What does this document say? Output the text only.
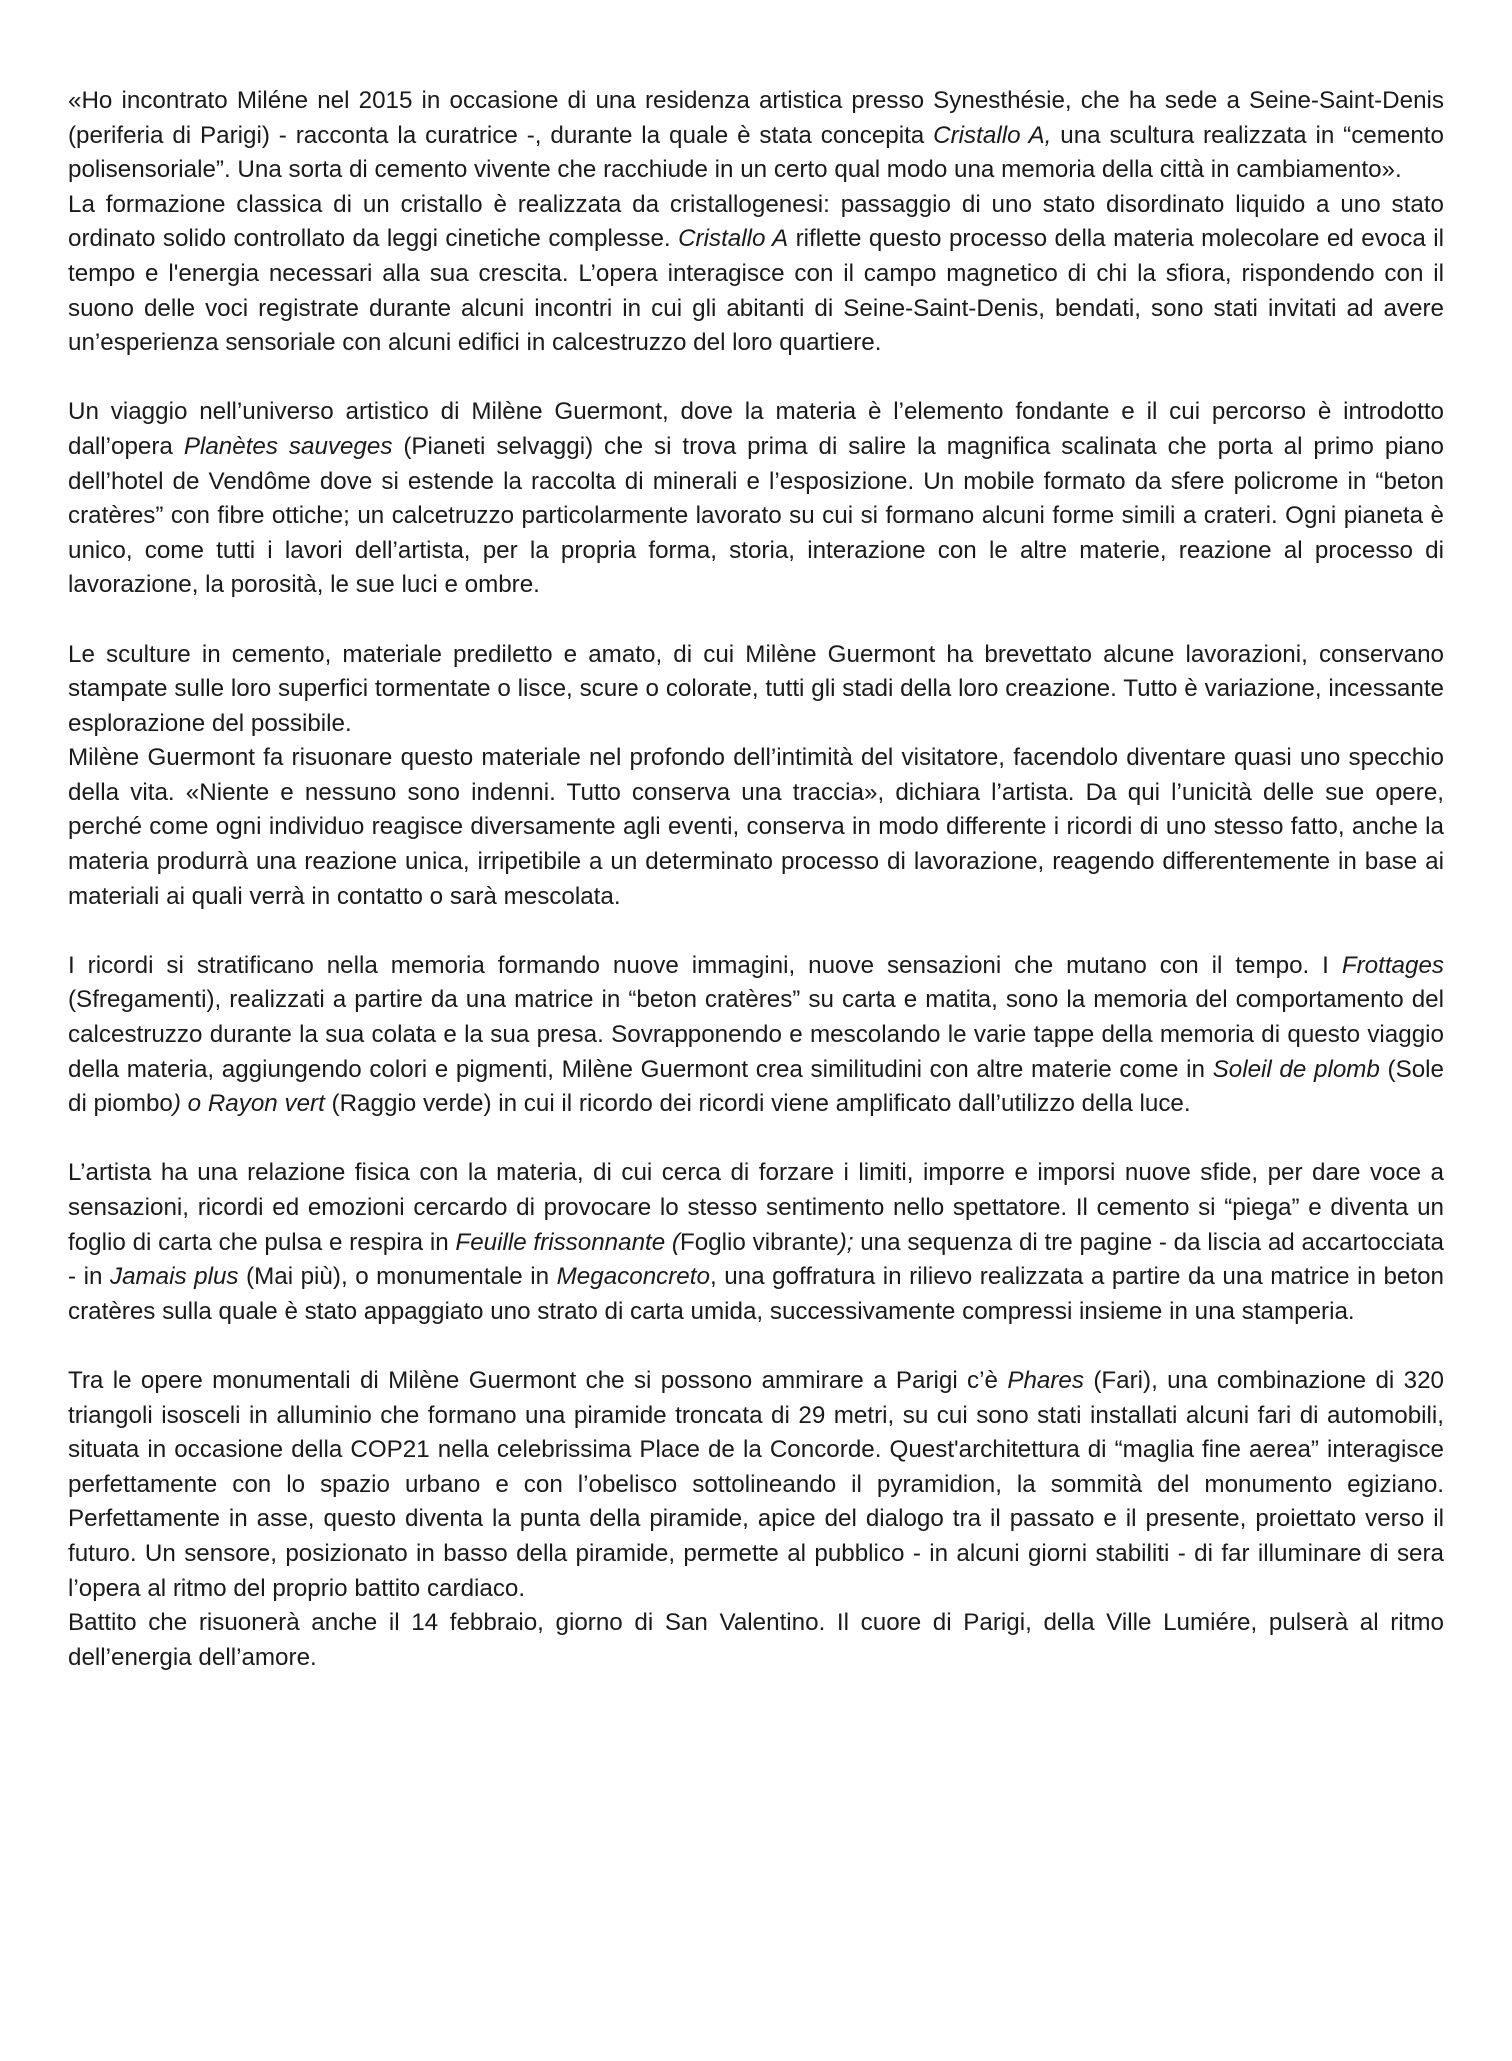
«Ho incontrato Miléne nel 2015 in occasione di una residenza artistica presso Synesthésie, che ha sede a Seine-Saint-Denis (periferia di Parigi) - racconta la curatrice -, durante la quale è stata concepita Cristallo A, una scultura realizzata in “cemento polisensoriale”. Una sorta di cemento vivente che racchiude in un certo qual modo una memoria della città in cambiamento».

La formazione classica di un cristallo è realizzata da cristallogenesi: passaggio di uno stato disordinato liquido a uno stato ordinato solido controllato da leggi cinetiche complesse. Cristallo A riflette questo processo della materia molecolare ed evoca il tempo e l'energia necessari alla sua crescita. L’opera interagisce con il campo magnetico di chi la sfiora, rispondendo con il suono delle voci registrate durante alcuni incontri in cui gli abitanti di Seine-Saint-Denis, bendati, sono stati invitati ad avere un’esperienza sensoriale con alcuni edifici in calcestruzzo del loro quartiere.

Un viaggio nell’universo artistico di Milène Guermont, dove la materia è l’elemento fondante e il cui percorso è introdotto dall’opera Planètes sauveges (Pianeti selvaggi) che si trova prima di salire la magnifica scalinata che porta al primo piano dell’hotel de Vendôme dove si estende la raccolta di minerali e l’esposizione. Un mobile formato da sfere policrome in “beton cratères” con fibre ottiche; un calcetruzzo particolarmente lavorato su cui si formano alcuni forme simili a crateri. Ogni pianeta è unico, come tutti i lavori dell’artista, per la propria forma, storia, interazione con le altre materie, reazione al processo di lavorazione, la porosità, le sue luci e ombre.

Le sculture in cemento, materiale prediletto e amato, di cui Milène Guermont ha brevettato alcune lavorazioni, conservano stampate sulle loro superfici tormentate o lisce, scure o colorate, tutti gli stadi della loro creazione. Tutto è variazione, incessante esplorazione del possibile.

Milène Guermont fa risuonare questo materiale nel profondo dell’intimità del visitatore, facendolo diventare quasi uno specchio della vita. «Niente e nessuno sono indenni. Tutto conserva una traccia», dichiara l’artista. Da qui l’unicità delle sue opere, perché come ogni individuo reagisce diversamente agli eventi, conserva in modo differente i ricordi di uno stesso fatto, anche la materia produrrà una reazione unica, irripetibile a un determinato processo di lavorazione, reagendo differentemente in base ai materiali ai quali verrà in contatto o sarà mescolata.

I ricordi si stratificano nella memoria formando nuove immagini, nuove sensazioni che mutano con il tempo. I Frottages (Sfregamenti), realizzati a partire da una matrice in “beton cratères” su carta e matita, sono la memoria del comportamento del calcestruzzo durante la sua colata e la sua presa. Sovrapponendo e mescolando le varie tappe della memoria di questo viaggio della materia, aggiungendo colori e pigmenti, Milène Guermont crea similitudini con altre materie come in Soleil de plomb (Sole di piombo) o Rayon vert (Raggio verde) in cui il ricordo dei ricordi viene amplificato dall’utilizzo della luce.

L’artista ha una relazione fisica con la materia, di cui cerca di forzare i limiti, imporre e imporsi nuove sfide, per dare voce a sensazioni, ricordi ed emozioni cercardo di provocare lo stesso sentimento nello spettatore. Il cemento si “piega” e diventa un foglio di carta che pulsa e respira in Feuille frissonnante (Foglio vibrante); una sequenza di tre pagine - da liscia ad accartocciata - in Jamais plus (Mai più), o monumentale in Megaconcreto, una goffratura in rilievo realizzata a partire da una matrice in beton cratères sulla quale è stato appaggiato uno strato di carta umida, successivamente compressi insieme in una stamperia.

Tra le opere monumentali di Milène Guermont che si possono ammirare a Parigi c’è Phares (Fari), una combinazione di 320 triangoli isosceli in alluminio che formano una piramide troncata di 29 metri, su cui sono stati installati alcuni fari di automobili, situata in occasione della COP21 nella celebrissima Place de la Concorde. Quest'architettura di “maglia fine aerea” interagisce perfettamente con lo spazio urbano e con l’obelisco sottolineando il pyramidion, la sommità del monumento egiziano. Perfettamente in asse, questo diventa la punta della piramide, apice del dialogo tra il passato e il presente, proiettato verso il futuro. Un sensore, posizionato in basso della piramide, permette al pubblico - in alcuni giorni stabiliti - di far illuminare di sera l’opera al ritmo del proprio battito cardiaco.

Battito che risuonerà anche il 14 febbraio, giorno di San Valentino. Il cuore di Parigi, della Ville Lumiére, pulserà al ritmo dell’energia dell’amore.
